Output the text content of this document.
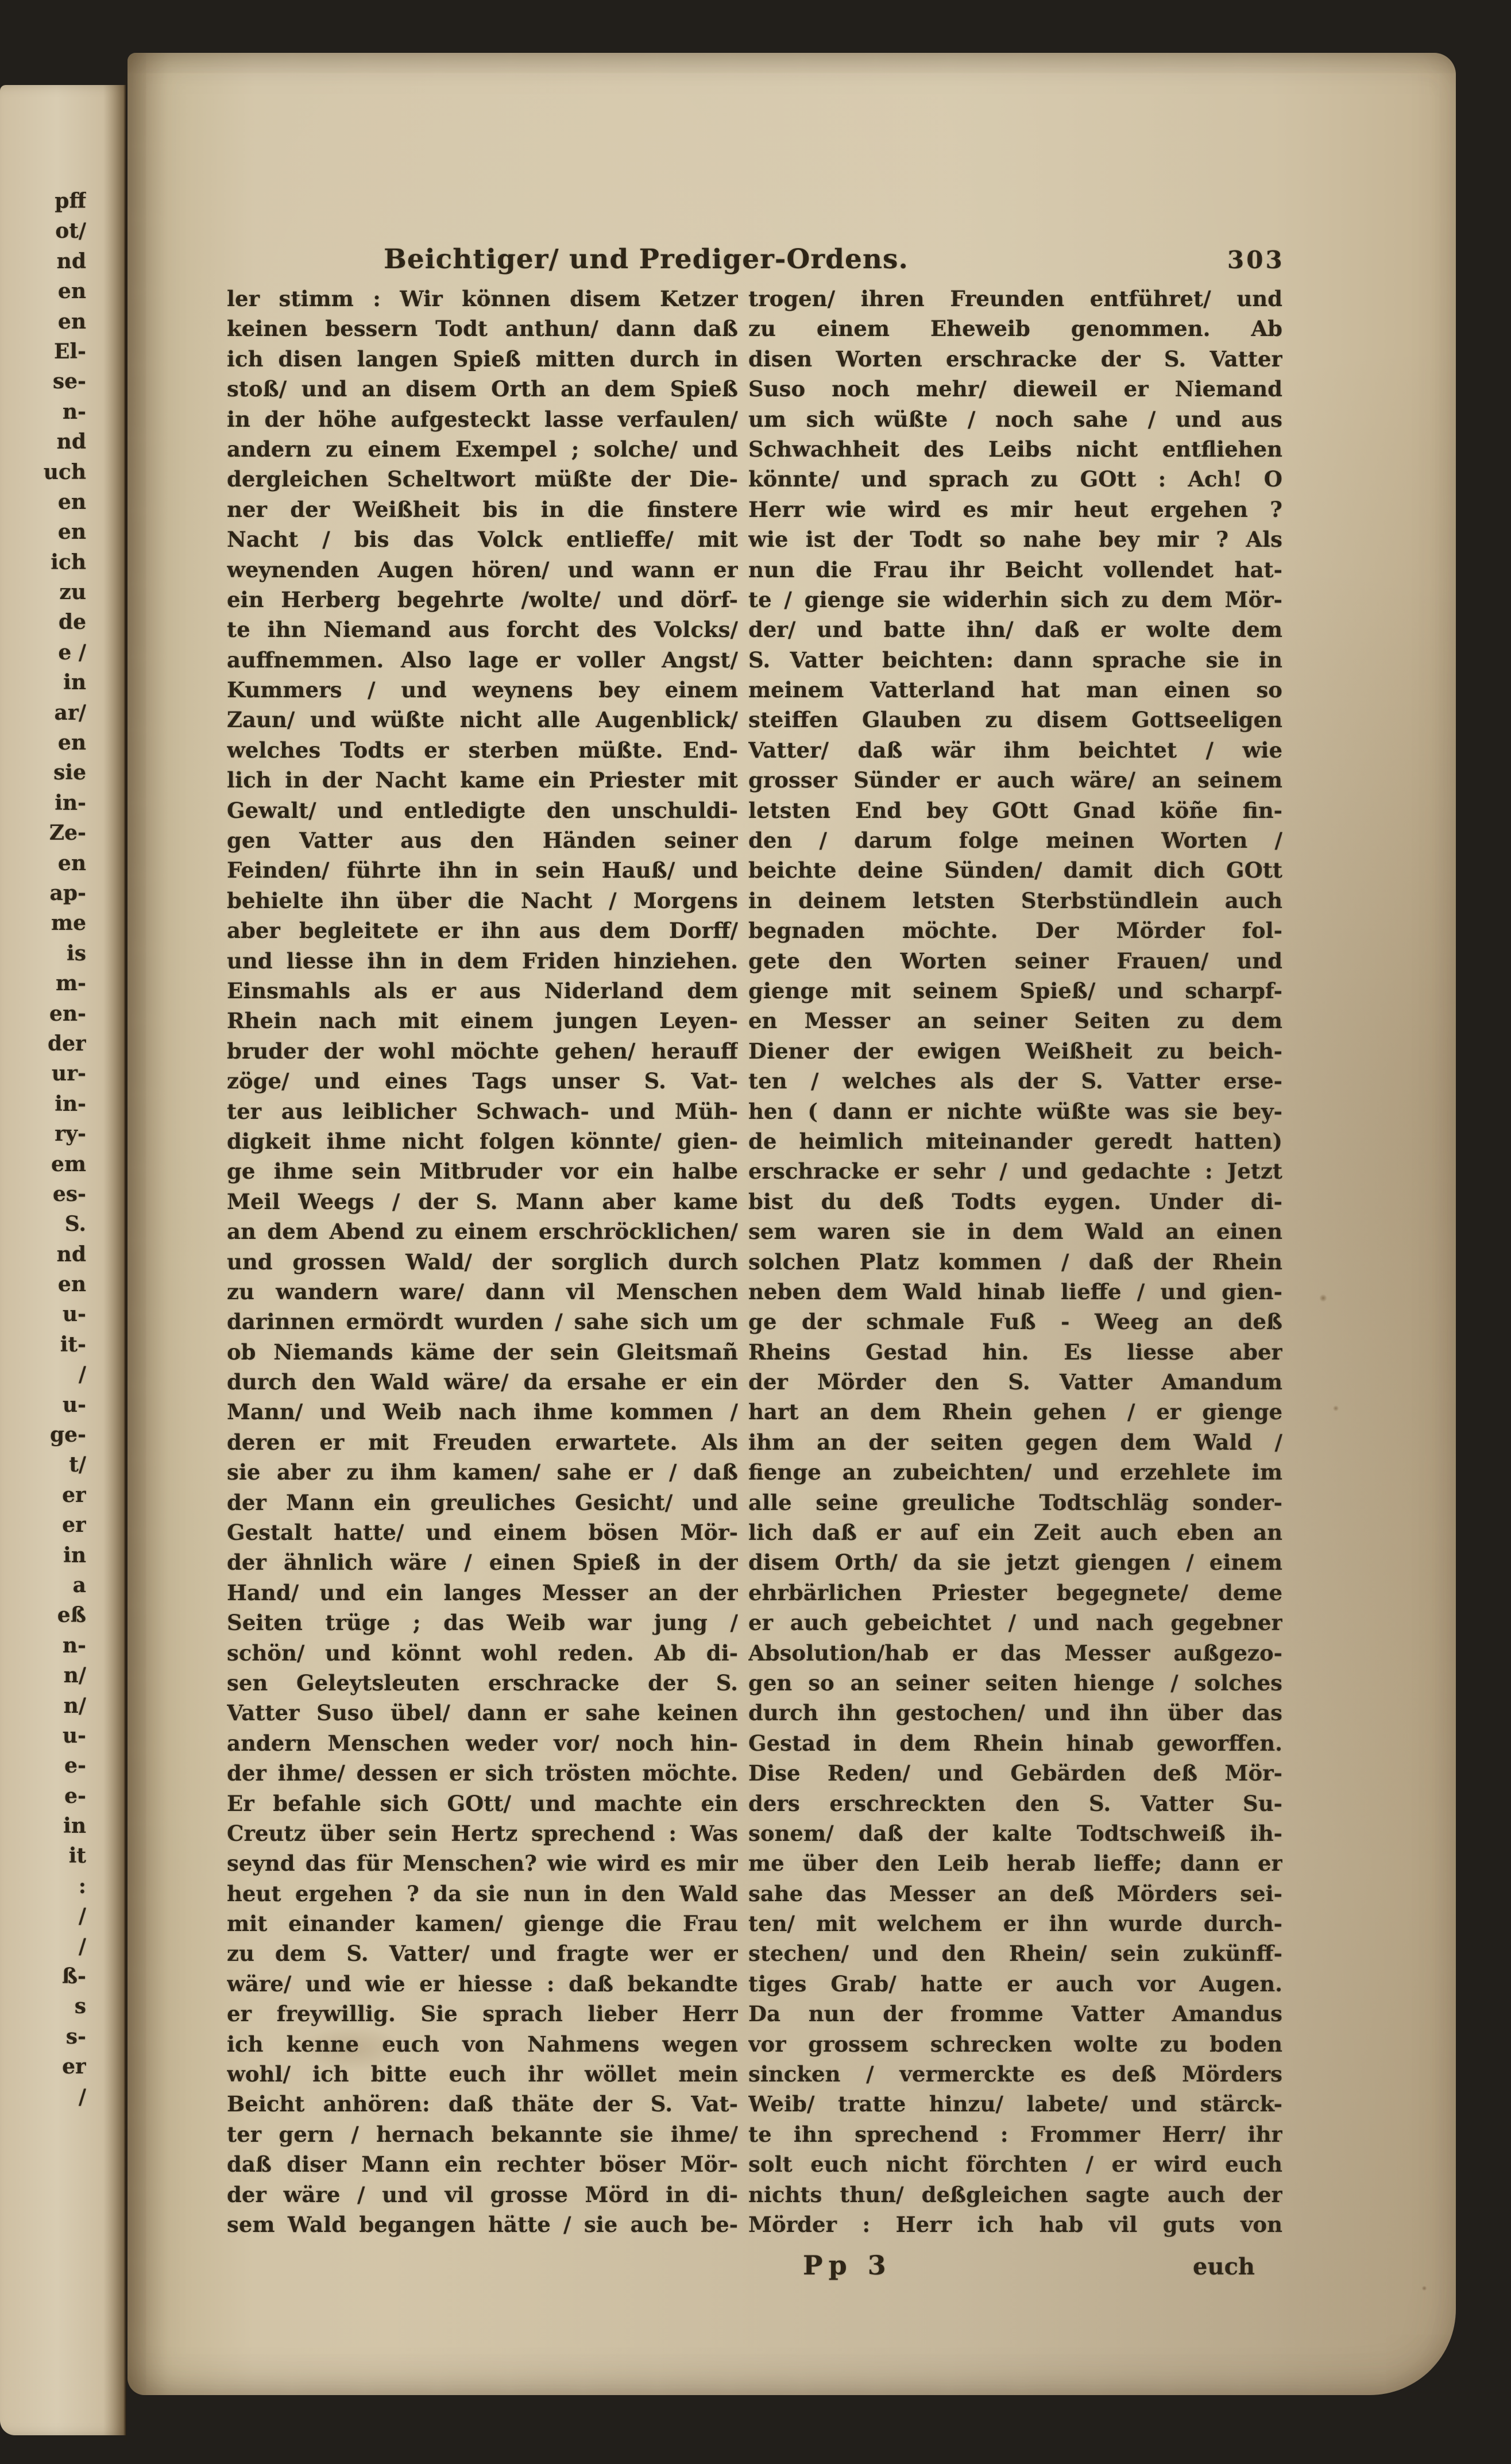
pff
ot/
nd
en
en
El-
se-
n-
nd
uch
en
en
ich
zu
de
e /
in
ar/
en
sie
in-
Ze-
en
ap-
me
is
m-
en-
der
ur-
in-
ry-
em
es-
S.
nd
en
u-
it-
/
u-
ge-
t/
er
er
in
a
eß
n-
n/
n/
u-
e-
e-
in
it
:
/
/
ß-
s
s-
er
/
Beichtiger/ und Prediger-Ordens.	303
ler stimm : Wir können disem Ketzer
keinen bessern Todt anthun/ dann daß
ich disen langen Spieß mitten durch in
stoß/ und an disem Orth an dem Spieß
in der höhe aufgesteckt lasse verfaulen/
andern zu einem Exempel ; solche/ und
dergleichen Scheltwort müßte der Die-
ner der Weißheit bis in die finstere
Nacht / bis das Volck entlieffe/ mit
weynenden Augen hören/ und wann er
ein Herberg begehrte /wolte/ und dörf-
te ihn Niemand aus forcht des Volcks/
auffnemmen. Also lage er voller Angst/
Kummers / und weynens bey einem
Zaun/ und wüßte nicht alle Augenblick/
welches Todts er sterben müßte. End-
lich in der Nacht kame ein Priester mit
Gewalt/ und entledigte den unschuldi-
gen Vatter aus den Händen seiner
Feinden/ führte ihn in sein Hauß/ und
behielte ihn über die Nacht / Morgens
aber begleitete er ihn aus dem Dorff/
und liesse ihn in dem Friden hinziehen.
Einsmahls als er aus Niderland dem
Rhein nach mit einem jungen Leyen-
bruder der wohl möchte gehen/ herauff
zöge/ und eines Tags unser S. Vat-
ter aus leiblicher Schwach- und Müh-
digkeit ihme nicht folgen könnte/ gien-
ge ihme sein Mitbruder vor ein halbe
Meil Weegs / der S. Mann aber kame
an dem Abend zu einem erschröcklichen/
und grossen Wald/ der sorglich durch
zu wandern ware/ dann vil Menschen
darinnen ermördt wurden / sahe sich um
ob Niemands käme der sein Gleitsmañ
durch den Wald wäre/ da ersahe er ein
Mann/ und Weib nach ihme kommen /
deren er mit Freuden erwartete. Als
sie aber zu ihm kamen/ sahe er / daß
der Mann ein greuliches Gesicht/ und
Gestalt hatte/ und einem bösen Mör-
der ähnlich wäre / einen Spieß in der
Hand/ und ein langes Messer an der
Seiten trüge ; das Weib war jung /
schön/ und könnt wohl reden. Ab di-
sen Geleytsleuten erschracke der S.
Vatter Suso übel/ dann er sahe keinen
andern Menschen weder vor/ noch hin-
der ihme/ dessen er sich trösten möchte.
Er befahle sich GOtt/ und machte ein
Creutz über sein Hertz sprechend : Was
seynd das für Menschen? wie wird es mir
heut ergehen ? da sie nun in den Wald
mit einander kamen/ gienge die Frau
zu dem S. Vatter/ und fragte wer er
wäre/ und wie er hiesse : daß bekandte
er freywillig. Sie sprach lieber Herr
ich kenne euch von Nahmens wegen
wohl/ ich bitte euch ihr wöllet mein
Beicht anhören: daß thäte der S. Vat-
ter gern / hernach bekannte sie ihme/
daß diser Mann ein rechter böser Mör-
der wäre / und vil grosse Mörd in di-
sem Wald begangen hätte / sie auch be-
trogen/ ihren Freunden entführet/ und
zu einem Eheweib genommen. Ab
disen Worten erschracke der S. Vatter
Suso noch mehr/ dieweil er Niemand
um sich wüßte / noch sahe / und aus
Schwachheit des Leibs nicht entfliehen
könnte/ und sprach zu GOtt : Ach! O
Herr wie wird es mir heut ergehen ?
wie ist der Todt so nahe bey mir ? Als
nun die Frau ihr Beicht vollendet hat-
te / gienge sie widerhin sich zu dem Mör-
der/ und batte ihn/ daß er wolte dem
S. Vatter beichten: dann sprache sie in
meinem Vatterland hat man einen so
steiffen Glauben zu disem Gottseeligen
Vatter/ daß wär ihm beichtet / wie
grosser Sünder er auch wäre/ an seinem
letsten End bey GOtt Gnad köñe fin-
den / darum folge meinen Worten /
beichte deine Sünden/ damit dich GOtt
in deinem letsten Sterbstündlein auch
begnaden möchte. Der Mörder fol-
gete den Worten seiner Frauen/ und
gienge mit seinem Spieß/ und scharpf-
en Messer an seiner Seiten zu dem
Diener der ewigen Weißheit zu beich-
ten / welches als der S. Vatter erse-
hen ( dann er nichte wüßte was sie bey-
de heimlich miteinander geredt hatten)
erschracke er sehr / und gedachte : Jetzt
bist du deß Todts eygen. Under di-
sem waren sie in dem Wald an einen
solchen Platz kommen / daß der Rhein
neben dem Wald hinab lieffe / und gien-
ge der schmale Fuß - Weeg an deß
Rheins Gestad hin. Es liesse aber
der Mörder den S. Vatter Amandum
hart an dem Rhein gehen / er gienge
ihm an der seiten gegen dem Wald /
fienge an zubeichten/ und erzehlete im
alle seine greuliche Todtschläg sonder-
lich daß er auf ein Zeit auch eben an
disem Orth/ da sie jetzt giengen / einem
ehrbärlichen Priester begegnete/ deme
er auch gebeichtet / und nach gegebner
Absolution/hab er das Messer außgezo-
gen so an seiner seiten hienge / solches
durch ihn gestochen/ und ihn über das
Gestad in dem Rhein hinab geworffen.
Dise Reden/ und Gebärden deß Mör-
ders erschreckten den S. Vatter Su-
sonem/ daß der kalte Todtschweiß ih-
me über den Leib herab lieffe; dann er
sahe das Messer an deß Mörders sei-
ten/ mit welchem er ihn wurde durch-
stechen/ und den Rhein/ sein zukünff-
tiges Grab/ hatte er auch vor Augen.
Da nun der fromme Vatter Amandus
vor grossem schrecken wolte zu boden
sincken / vermerckte es deß Mörders
Weib/ tratte hinzu/ labete/ und stärck-
te ihn sprechend : Frommer Herr/ ihr
solt euch nicht förchten / er wird euch
nichts thun/ deßgleichen sagte auch der
Mörder : Herr ich hab vil guts von
Pp 3	euch
